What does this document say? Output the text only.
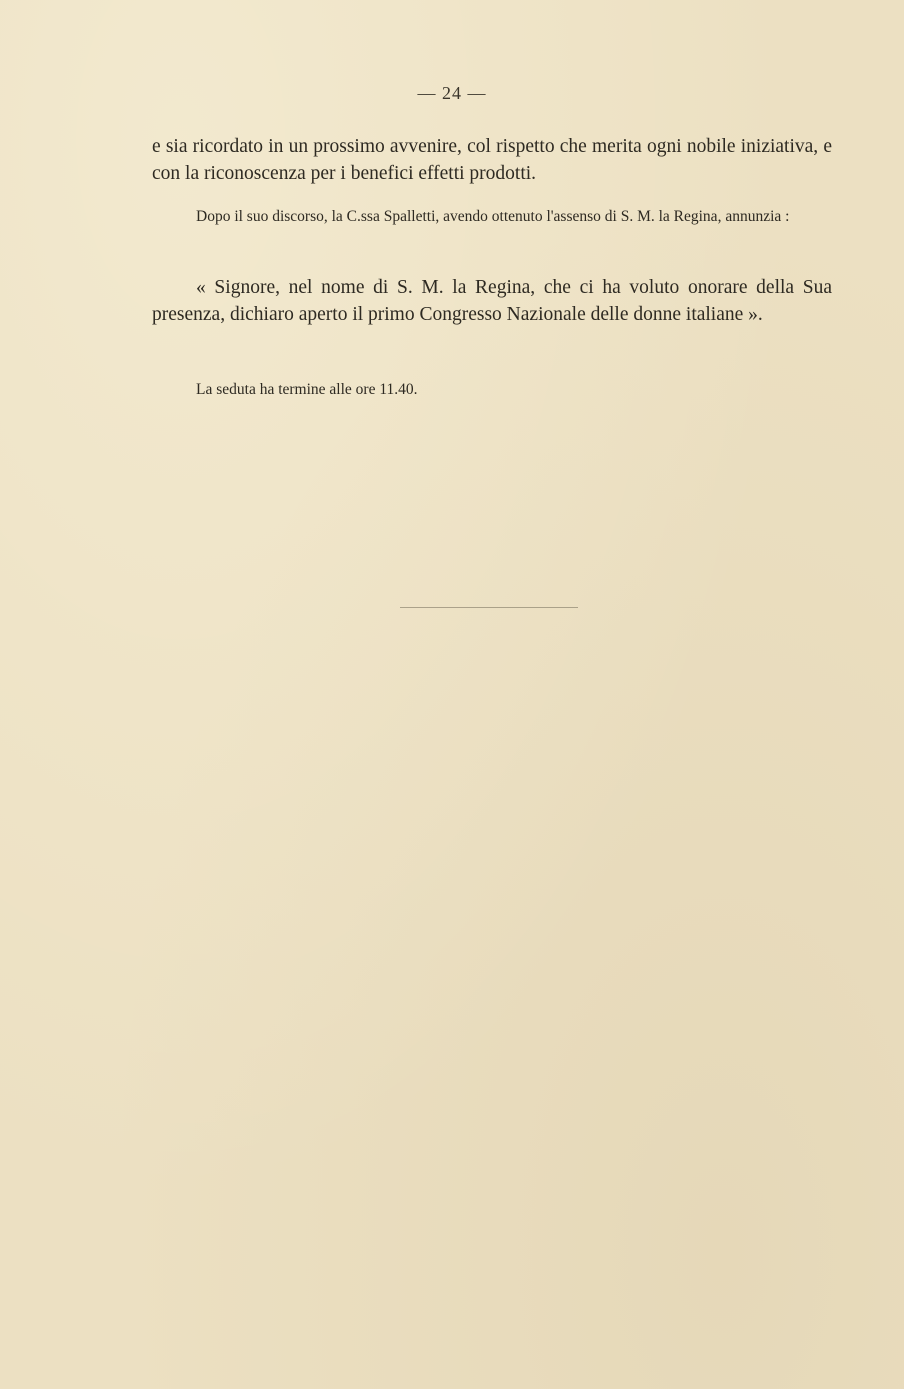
— 24 —

e sia ricordato in un prossimo avvenire, col rispetto che merita ogni nobile iniziativa, e con la riconoscenza per i benefici effetti prodotti.

Dopo il suo discorso, la C.ssa Spalletti, avendo ottenuto l'assenso di S. M. la Regina, annunzia :

« Signore, nel nome di S. M. la Regina, che ci ha voluto onorare della Sua presenza, dichiaro aperto il primo Congresso Nazionale delle donne italiane ».

La seduta ha termine alle ore 11.40.
